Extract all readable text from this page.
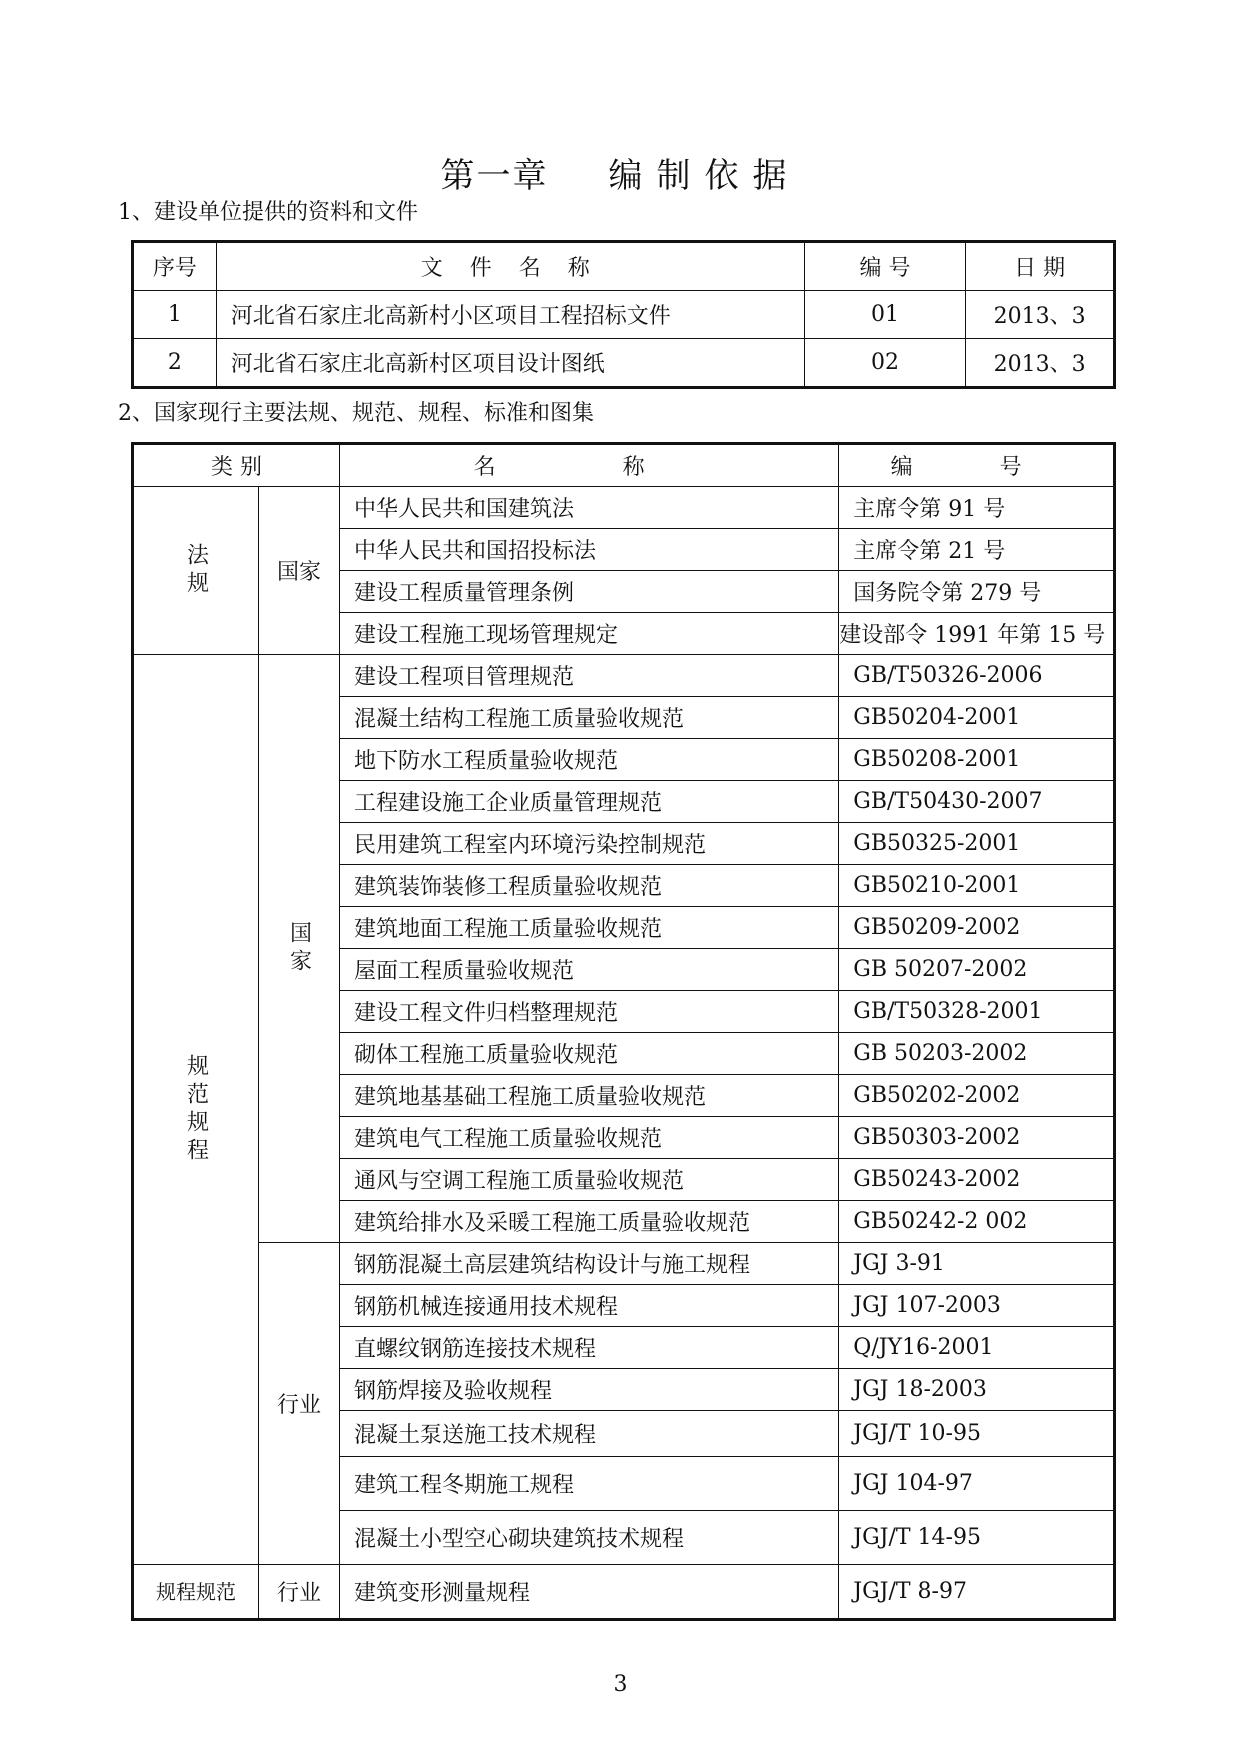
第一章 编制依据
1、建设单位提供的资料和文件
序号	文 件 名 称	编 号	日 期
1	河北省石家庄北高新村小区项目工程招标文件	01	2013、3
2	河北省石家庄北高新村区项目设计图纸	02	2013、3
2、国家现行主要法规、规范、规程、标准和图集
类 别		名 称	编 号
法规	国家	中华人民共和国建筑法	主席令第 91 号
		中华人民共和国招投标法	主席令第 21 号
		建设工程质量管理条例	国务院令第 279 号
		建设工程施工现场管理规定	建设部令 1991 年第 15 号
规范规程	国家	建设工程项目管理规范	GB/T50326-2006
		混凝土结构工程施工质量验收规范	GB50204-2001
		地下防水工程质量验收规范	GB50208-2001
		工程建设施工企业质量管理规范	GB/T50430-2007
		民用建筑工程室内环境污染控制规范	GB50325-2001
		建筑装饰装修工程质量验收规范	GB50210-2001
		建筑地面工程施工质量验收规范	GB50209-2002
		屋面工程质量验收规范	GB 50207-2002
		建设工程文件归档整理规范	GB/T50328-2001
		砌体工程施工质量验收规范	GB 50203-2002
		建筑地基基础工程施工质量验收规范	GB50202-2002
		建筑电气工程施工质量验收规范	GB50303-2002
		通风与空调工程施工质量验收规范	GB50243-2002
		建筑给排水及采暖工程施工质量验收规范	GB50242-2 002
	行业	钢筋混凝土高层建筑结构设计与施工规程	JGJ 3-91
		钢筋机械连接通用技术规程	JGJ 107-2003
		直螺纹钢筋连接技术规程	Q/JY16-2001
		钢筋焊接及验收规程	JGJ 18-2003
		混凝土泵送施工技术规程	JGJ/T 10-95
		建筑工程冬期施工规程	JGJ 104-97
		混凝土小型空心砌块建筑技术规程	JGJ/T 14-95
规程规范	行业	建筑变形测量规程	JGJ/T 8-97
3
